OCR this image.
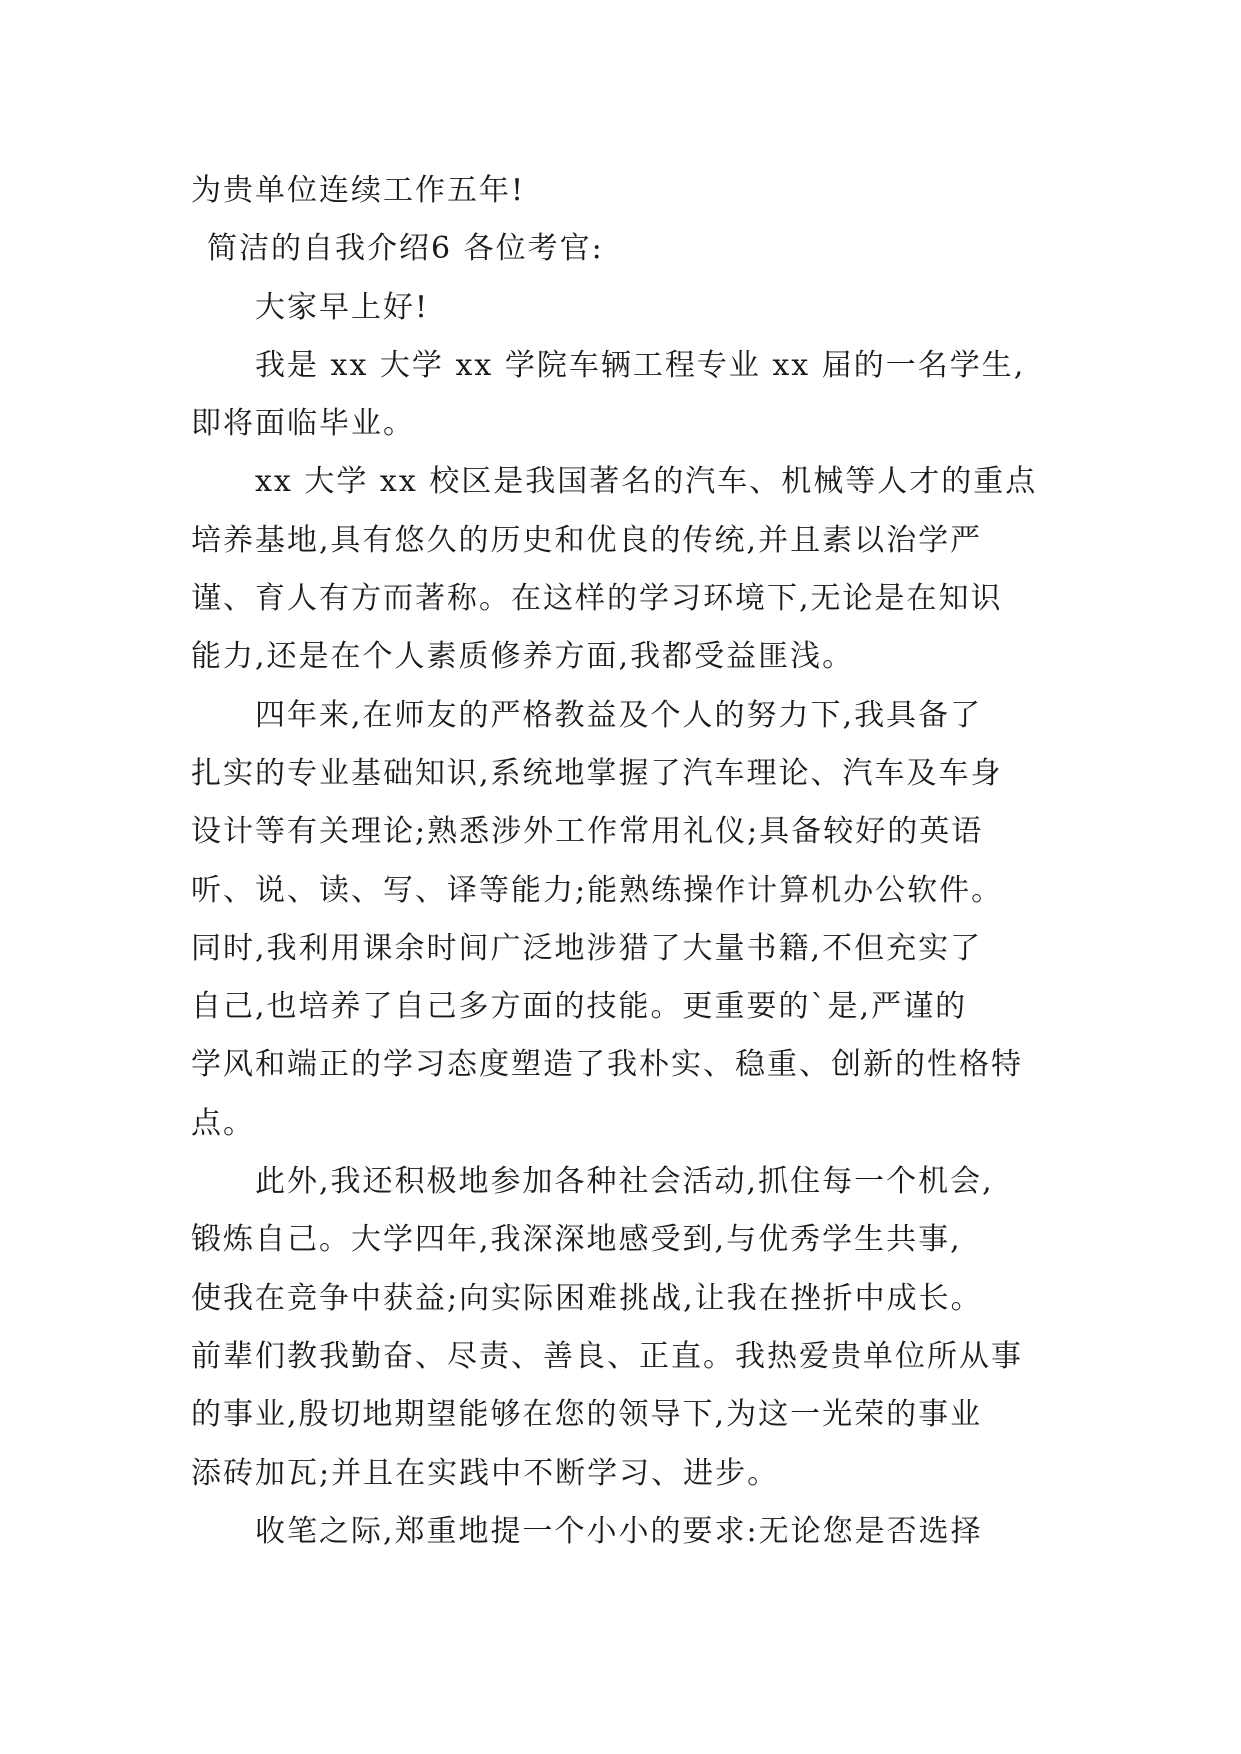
为贵单位连续工作五年!
简洁的自我介绍6 各位考官:
大家早上好!
我是 xx 大学 xx 学院车辆工程专业 xx 届的一名学生,
即将面临毕业。
xx 大学 xx 校区是我国著名的汽车、机械等人才的重点
培养基地,具有悠久的历史和优良的传统,并且素以治学严
谨、育人有方而著称。在这样的学习环境下,无论是在知识
能力,还是在个人素质修养方面,我都受益匪浅。
四年来,在师友的严格教益及个人的努力下,我具备了
扎实的专业基础知识,系统地掌握了汽车理论、汽车及车身
设计等有关理论;熟悉涉外工作常用礼仪;具备较好的英语
听、说、读、写、译等能力;能熟练操作计算机办公软件。
同时,我利用课余时间广泛地涉猎了大量书籍,不但充实了
自己,也培养了自己多方面的技能。更重要的`是,严谨的
学风和端正的学习态度塑造了我朴实、稳重、创新的性格特
点。
此外,我还积极地参加各种社会活动,抓住每一个机会,
锻炼自己。大学四年,我深深地感受到,与优秀学生共事,
使我在竞争中获益;向实际困难挑战,让我在挫折中成长。
前辈们教我勤奋、尽责、善良、正直。我热爱贵单位所从事
的事业,殷切地期望能够在您的领导下,为这一光荣的事业
添砖加瓦;并且在实践中不断学习、进步。
收笔之际,郑重地提一个小小的要求:无论您是否选择
